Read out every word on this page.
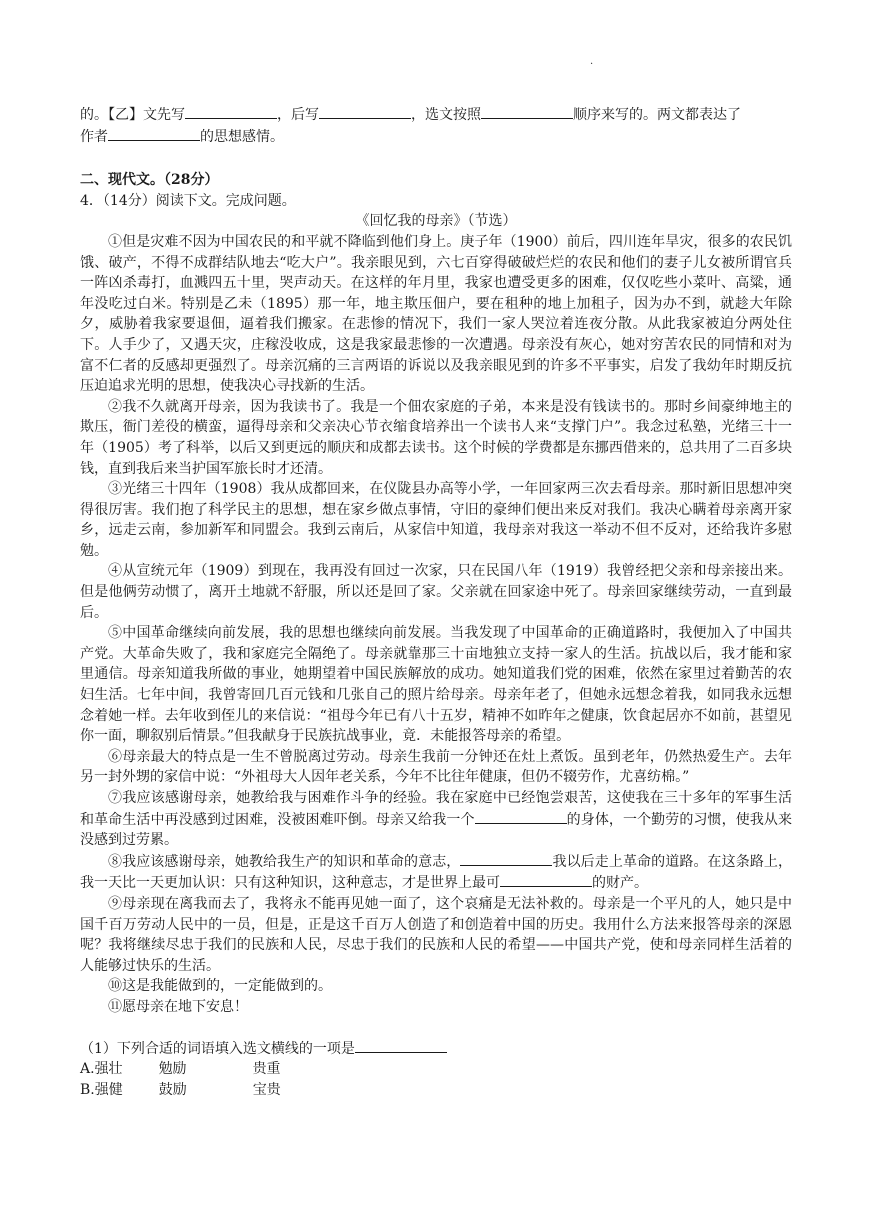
.

的。【乙】文先写	，后写	，选文按照	顺序来写的。两文都表达了
作者	的思想感情。

二、现代文。（28分）

4．（14分）阅读下文。完成问题。

《回忆我的母亲》（节选）

①但是灾难不因为中国农民的和平就不降临到他们身上。庚子年（1900）前后，四川连年旱灾，很多的农民饥饿、破产，不得不成群结队地去“吃大户”。我亲眼见到，六七百穿得破破烂烂的农民和他们的妻子儿女被所谓官兵一阵凶杀毒打，血溅四五十里，哭声动天。在这样的年月里，我家也遭受更多的困难，仅仅吃些小菜叶、高粱，通年没吃过白米。特别是乙未（1895）那一年，地主欺压佃户，要在租种的地上加租子，因为办不到，就趁大年除夕，威胁着我家要退佃，逼着我们搬家。在悲惨的情况下，我们一家人哭泣着连夜分散。从此我家被迫分两处住下。人手少了，又遇天灾，庄稼没收成，这是我家最悲惨的一次遭遇。母亲没有灰心，她对穷苦农民的同情和对为富不仁者的反感却更强烈了。母亲沉痛的三言两语的诉说以及我亲眼见到的许多不平事实，启发了我幼年时期反抗压迫追求光明的思想，使我决心寻找新的生活。

②我不久就离开母亲，因为我读书了。我是一个佃农家庭的子弟，本来是没有钱读书的。那时乡间豪绅地主的欺压，衙门差役的横蛮，逼得母亲和父亲决心节衣缩食培养出一个读书人来“支撑门户”。我念过私塾，光绪三十一年（1905）考了科举，以后又到更远的顺庆和成都去读书。这个时候的学费都是东挪西借来的，总共用了二百多块钱，直到我后来当护国军旅长时才还清。

③光绪三十四年（1908）我从成都回来，在仪陇县办高等小学，一年回家两三次去看母亲。那时新旧思想冲突得很厉害。我们抱了科学民主的思想，想在家乡做点事情，守旧的豪绅们便出来反对我们。我决心瞒着母亲离开家乡，远走云南，参加新军和同盟会。我到云南后，从家信中知道，我母亲对我这一举动不但不反对，还给我许多慰勉。

④从宣统元年（1909）到现在，我再没有回过一次家，只在民国八年（1919）我曾经把父亲和母亲接出来。但是他俩劳动惯了，离开土地就不舒服，所以还是回了家。父亲就在回家途中死了。母亲回家继续劳动，一直到最后。

⑤中国革命继续向前发展，我的思想也继续向前发展。当我发现了中国革命的正确道路时，我便加入了中国共产党。大革命失败了，我和家庭完全隔绝了。母亲就靠那三十亩地独立支持一家人的生活。抗战以后，我才能和家里通信。母亲知道我所做的事业，她期望着中国民族解放的成功。她知道我们党的困难，依然在家里过着勤苦的农妇生活。七年中间，我曾寄回几百元钱和几张自己的照片给母亲。母亲年老了，但她永远想念着我，如同我永远想念着她一样。去年收到侄儿的来信说：“祖母今年已有八十五岁，精神不如昨年之健康，饮食起居亦不如前，甚望见你一面，聊叙别后情景。”但我献身于民族抗战事业，竟．未能报答母亲的希望。

⑥母亲最大的特点是一生不曾脱离过劳动。母亲生我前一分钟还在灶上煮饭。虽到老年，仍然热爱生产。去年另一封外甥的家信中说：“外祖母大人因年老关系，今年不比往年健康，但仍不辍劳作，尤喜纺棉。”

⑦我应该感谢母亲，她教给我与困难作斗争的经验。我在家庭中已经饱尝艰苦，这使我在三十多年的军事生活和革命生活中再没感到过困难，没被困难吓倒。母亲又给我一个	的身体，一个勤劳的习惯，使我从来没感到过劳累。

⑧我应该感谢母亲，她教给我生产的知识和革命的意志，	我以后走上革命的道路。在这条路上，我一天比一天更加认识：只有这种知识，这种意志，才是世界上最可	的财产。

⑨母亲现在离我而去了，我将永不能再见她一面了，这个哀痛是无法补救的。母亲是一个平凡的人，她只是中国千百万劳动人民中的一员，但是，正是这千百万人创造了和创造着中国的历史。我用什么方法来报答母亲的深恩呢？我将继续尽忠于我们的民族和人民，尽忠于我们的民族和人民的希望——中国共产党，使和母亲同样生活着的人能够过快乐的生活。

⑩这是我能做到的，一定能做到的。

⑪愿母亲在地下安息！

（1）下列合适的词语填入选文横线的一项是

A.强壮	勉励	贵重

B.强健	鼓励	宝贵
